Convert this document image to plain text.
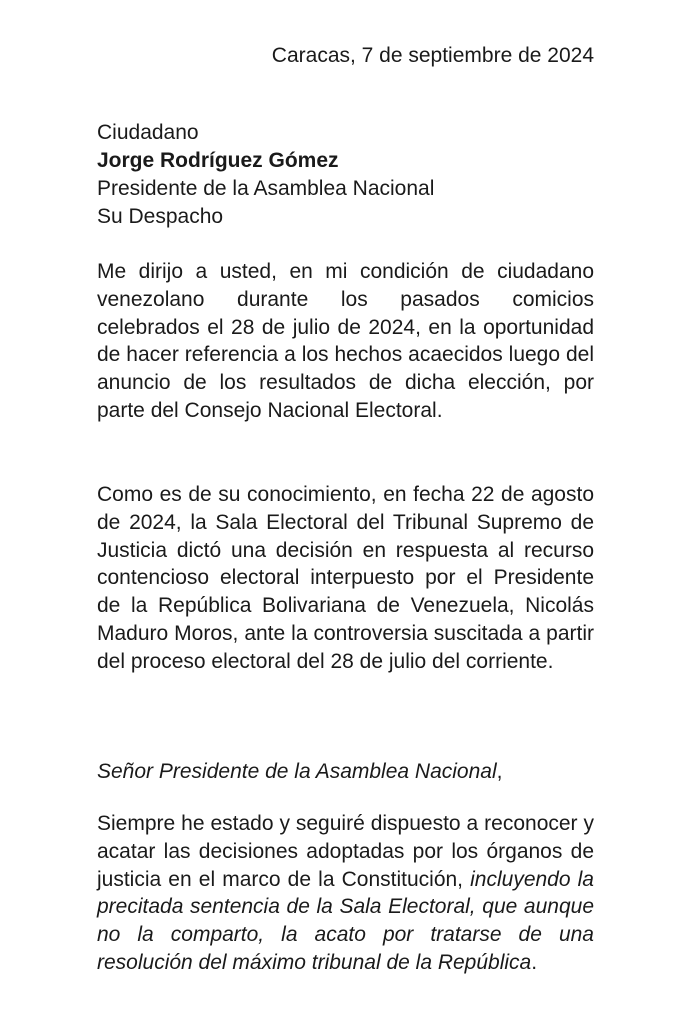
Caracas, 7 de septiembre de 2024
Ciudadano
Jorge Rodríguez Gómez
Presidente de la Asamblea Nacional
Su Despacho

Me dirijo a usted, en mi condición de ciudadano venezolano durante los pasados comicios celebrados el 28 de julio de 2024, en la oportunidad de hacer referencia a los hechos acaecidos luego del anuncio de los resultados de dicha elección, por parte del Consejo Nacional Electoral.

Como es de su conocimiento, en fecha 22 de agosto de 2024, la Sala Electoral del Tribunal Supremo de Justicia dictó una decisión en respuesta al recurso contencioso electoral interpuesto por el Presidente de la República Bolivariana de Venezuela, Nicolás Maduro Moros, ante la controversia suscitada a partir del proceso electoral del 28 de julio del corriente.

Señor Presidente de la Asamblea Nacional,

Siempre he estado y seguiré dispuesto a reconocer y acatar las decisiones adoptadas por los órganos de justicia en el marco de la Constitución, incluyendo la precitada sentencia de la Sala Electoral, que aunque no la comparto, la acato por tratarse de una resolución del máximo tribunal de la República.
